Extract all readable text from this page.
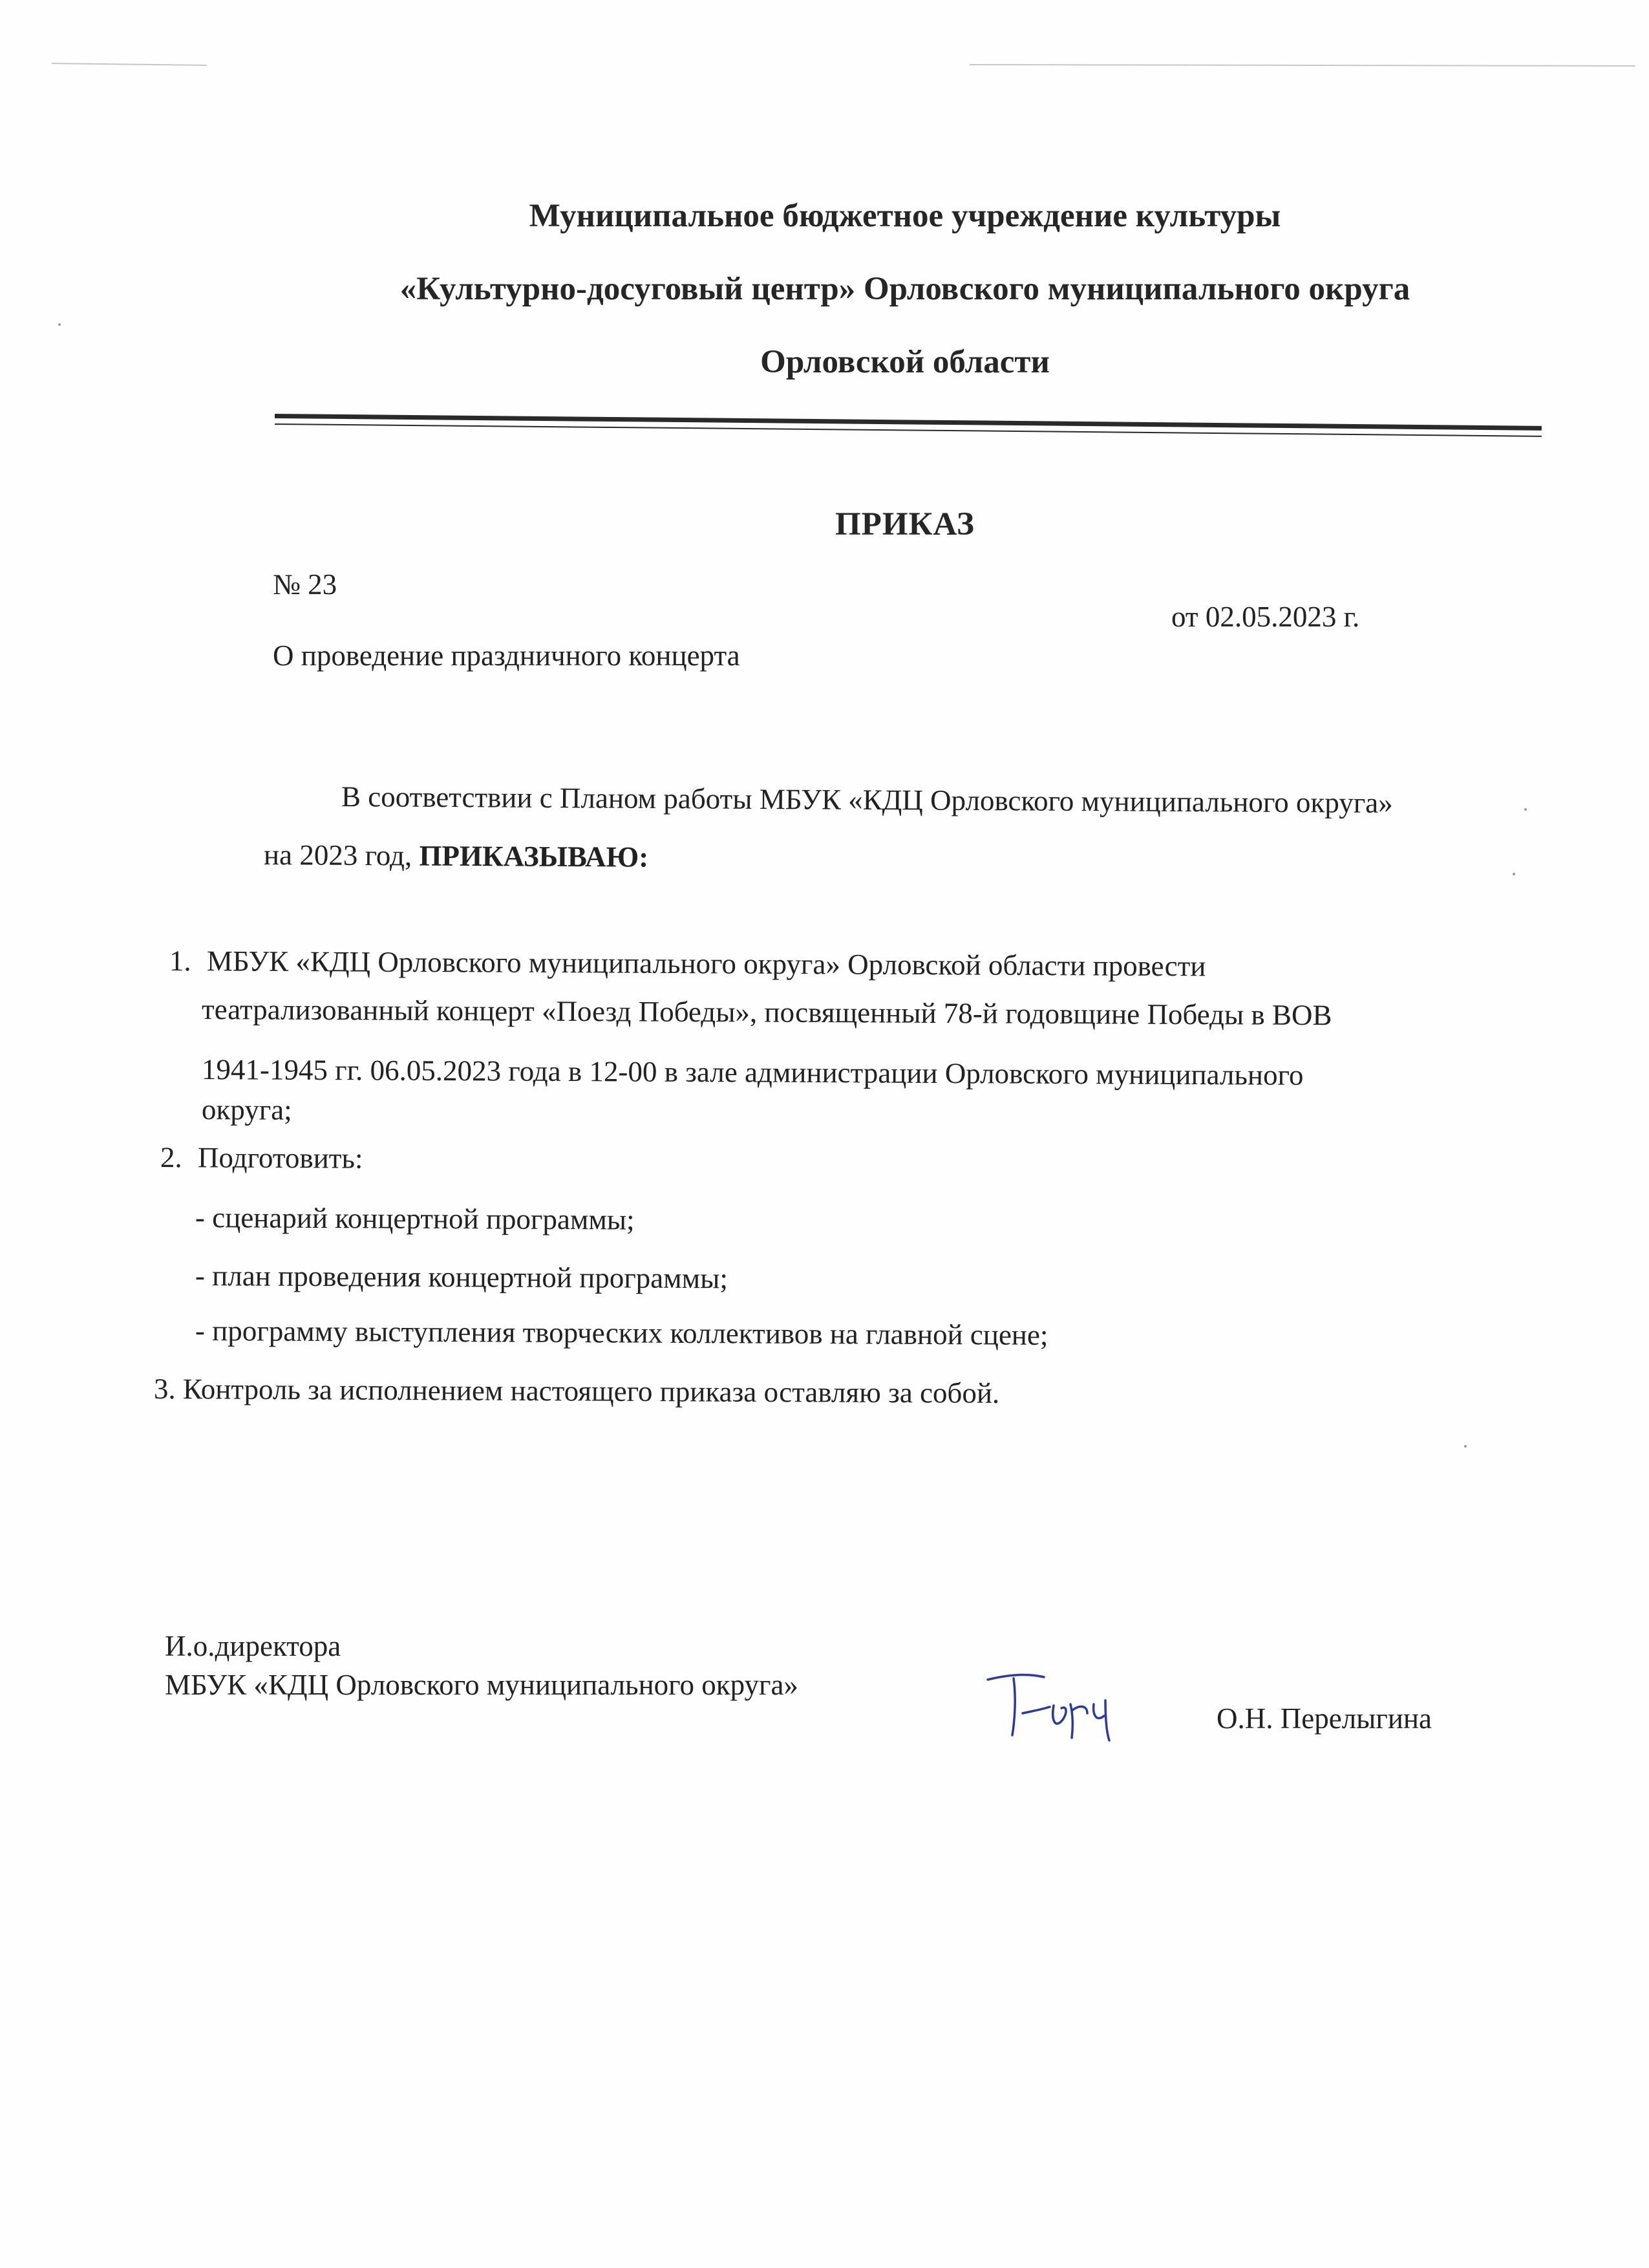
Муниципальное бюджетное учреждение культуры
«Культурно-досуговый центр» Орловского муниципального округа
Орловской области
ПРИКАЗ
№ 23
от 02.05.2023 г.
О проведение праздничного концерта
В соответствии с Планом работы МБУК «КДЦ Орловского муниципального округа»
на 2023 год, ПРИКАЗЫВАЮ:
1. МБУК «КДЦ Орловского муниципального округа» Орловской области провести
театрализованный концерт «Поезд Победы», посвященный 78-й годовщине Победы в ВОВ
1941-1945 гг. 06.05.2023 года в 12-00 в зале администрации Орловского муниципального
округа;
2. Подготовить:
- сценарий концертной программы;
- план проведения концертной программы;
- программу выступления творческих коллективов на главной сцене;
3. Контроль за исполнением настоящего приказа оставляю за собой.
И.о.директора
МБУК «КДЦ Орловского муниципального округа»
О.Н. Перелыгина
